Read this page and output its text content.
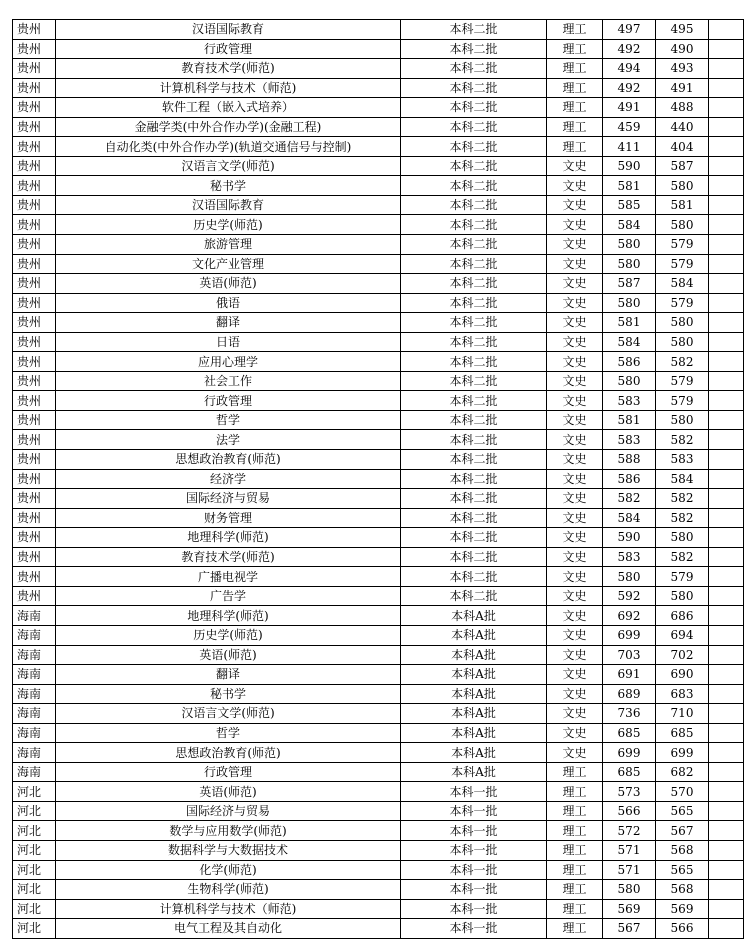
贵州	汉语国际教育	本科二批	理工	497	495	
贵州	行政管理	本科二批	理工	492	490	
贵州	教育技术学(师范)	本科二批	理工	494	493	
贵州	计算机科学与技术（师范)	本科二批	理工	492	491	
贵州	软件工程（嵌入式培养）	本科二批	理工	491	488	
贵州	金融学类(中外合作办学)(金融工程)	本科二批	理工	459	440	
贵州	自动化类(中外合作办学)(轨道交通信号与控制)	本科二批	理工	411	404	
贵州	汉语言文学(师范)	本科二批	文史	590	587	
贵州	秘书学	本科二批	文史	581	580	
贵州	汉语国际教育	本科二批	文史	585	581	
贵州	历史学(师范)	本科二批	文史	584	580	
贵州	旅游管理	本科二批	文史	580	579	
贵州	文化产业管理	本科二批	文史	580	579	
贵州	英语(师范)	本科二批	文史	587	584	
贵州	俄语	本科二批	文史	580	579	
贵州	翻译	本科二批	文史	581	580	
贵州	日语	本科二批	文史	584	580	
贵州	应用心理学	本科二批	文史	586	582	
贵州	社会工作	本科二批	文史	580	579	
贵州	行政管理	本科二批	文史	583	579	
贵州	哲学	本科二批	文史	581	580	
贵州	法学	本科二批	文史	583	582	
贵州	思想政治教育(师范)	本科二批	文史	588	583	
贵州	经济学	本科二批	文史	586	584	
贵州	国际经济与贸易	本科二批	文史	582	582	
贵州	财务管理	本科二批	文史	584	582	
贵州	地理科学(师范)	本科二批	文史	590	580	
贵州	教育技术学(师范)	本科二批	文史	583	582	
贵州	广播电视学	本科二批	文史	580	579	
贵州	广告学	本科二批	文史	592	580	
海南	地理科学(师范)	本科A批	文史	692	686	
海南	历史学(师范)	本科A批	文史	699	694	
海南	英语(师范)	本科A批	文史	703	702	
海南	翻译	本科A批	文史	691	690	
海南	秘书学	本科A批	文史	689	683	
海南	汉语言文学(师范)	本科A批	文史	736	710	
海南	哲学	本科A批	文史	685	685	
海南	思想政治教育(师范)	本科A批	文史	699	699	
海南	行政管理	本科A批	理工	685	682	
河北	英语(师范)	本科一批	理工	573	570	
河北	国际经济与贸易	本科一批	理工	566	565	
河北	数学与应用数学(师范)	本科一批	理工	572	567	
河北	数据科学与大数据技术	本科一批	理工	571	568	
河北	化学(师范)	本科一批	理工	571	565	
河北	生物科学(师范)	本科一批	理工	580	568	
河北	计算机科学与技术（师范)	本科一批	理工	569	569	
河北	电气工程及其自动化	本科一批	理工	567	566	
